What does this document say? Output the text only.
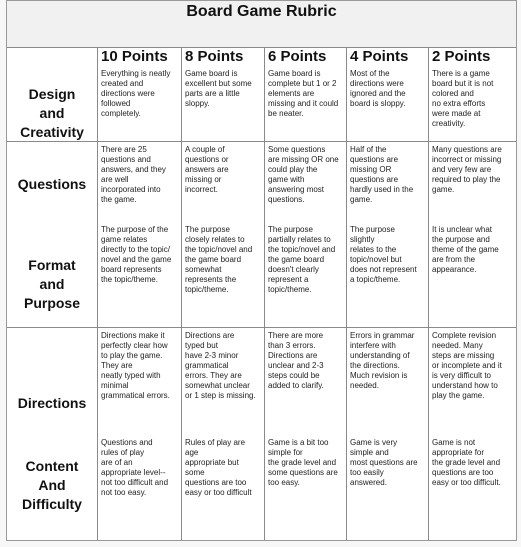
Board Game Rubric
10 Points 8 Points 6 Points 4 Points 2 Points
Design
and
Creativity
Questions
Format
and
Purpose
Directions
Content
And
Difficulty
Everything is neatly
created and
directions were
followed
completely.
Game board is
excellent but some
parts are a little
sloppy.
Game board is
complete but 1 or 2
elements are
missing and it could
be neater.
Most of the
directions were
ignored and the
board is sloppy.
There is a game
board but it is not
colored and
no extra efforts
were made at
creativity.
There are 25
questions and
answers, and they
are well
incorporated into
the game.
A couple of
questions or
answers are
missing or
incorrect.
Some questions
are missing OR one
could play the
game with
answering most
questions.
Half of the
questions are
missing OR
questions are
hardly used in the
game.
Many questions are
incorrect or missing
and very few are
required to play the
game.
The purpose of the
game relates
directly to the topic/
novel and the game
board represents
the topic/theme.
The purpose
closely relates to
the topic/novel and
the game board
somewhat
represents the
topic/theme.
The purpose
partially relates to
the topic/novel and
the game board
doesn't clearly
represent a
topic/theme.
The purpose
slightly
relates to the
topic/novel but
does not represent
a topic/theme.
It is unclear what
the purpose and
theme of the game
are from the
appearance.
Directions make it
perfectly clear how
to play the game.
They are
neatly typed with
minimal
grammatical errors.
Directions are
typed but
have 2-3 minor
grammatical
errors. They are
somewhat unclear
or 1 step is missing.
There are more
than 3 errors.
Directions are
unclear and 2-3
steps could be
added to clarify.
Errors in grammar
interfere with
understanding of
the directions.
Much revision is
needed.
Complete revision
needed. Many
steps are missing
or incomplete and it
is very difficult to
understand how to
play the game.
Questions and
rules of play
are of an
appropriate level--
not too difficult and
not too easy.
Rules of play are
age
appropriate but
some
questions are too
easy or too difficult
Game is a bit too
simple for
the grade level and
some questions are
too easy.
Game is very
simple and
most questions are
too easily
answered.
Game is not
appropriate for
the grade level and
questions are too
easy or too difficult.
